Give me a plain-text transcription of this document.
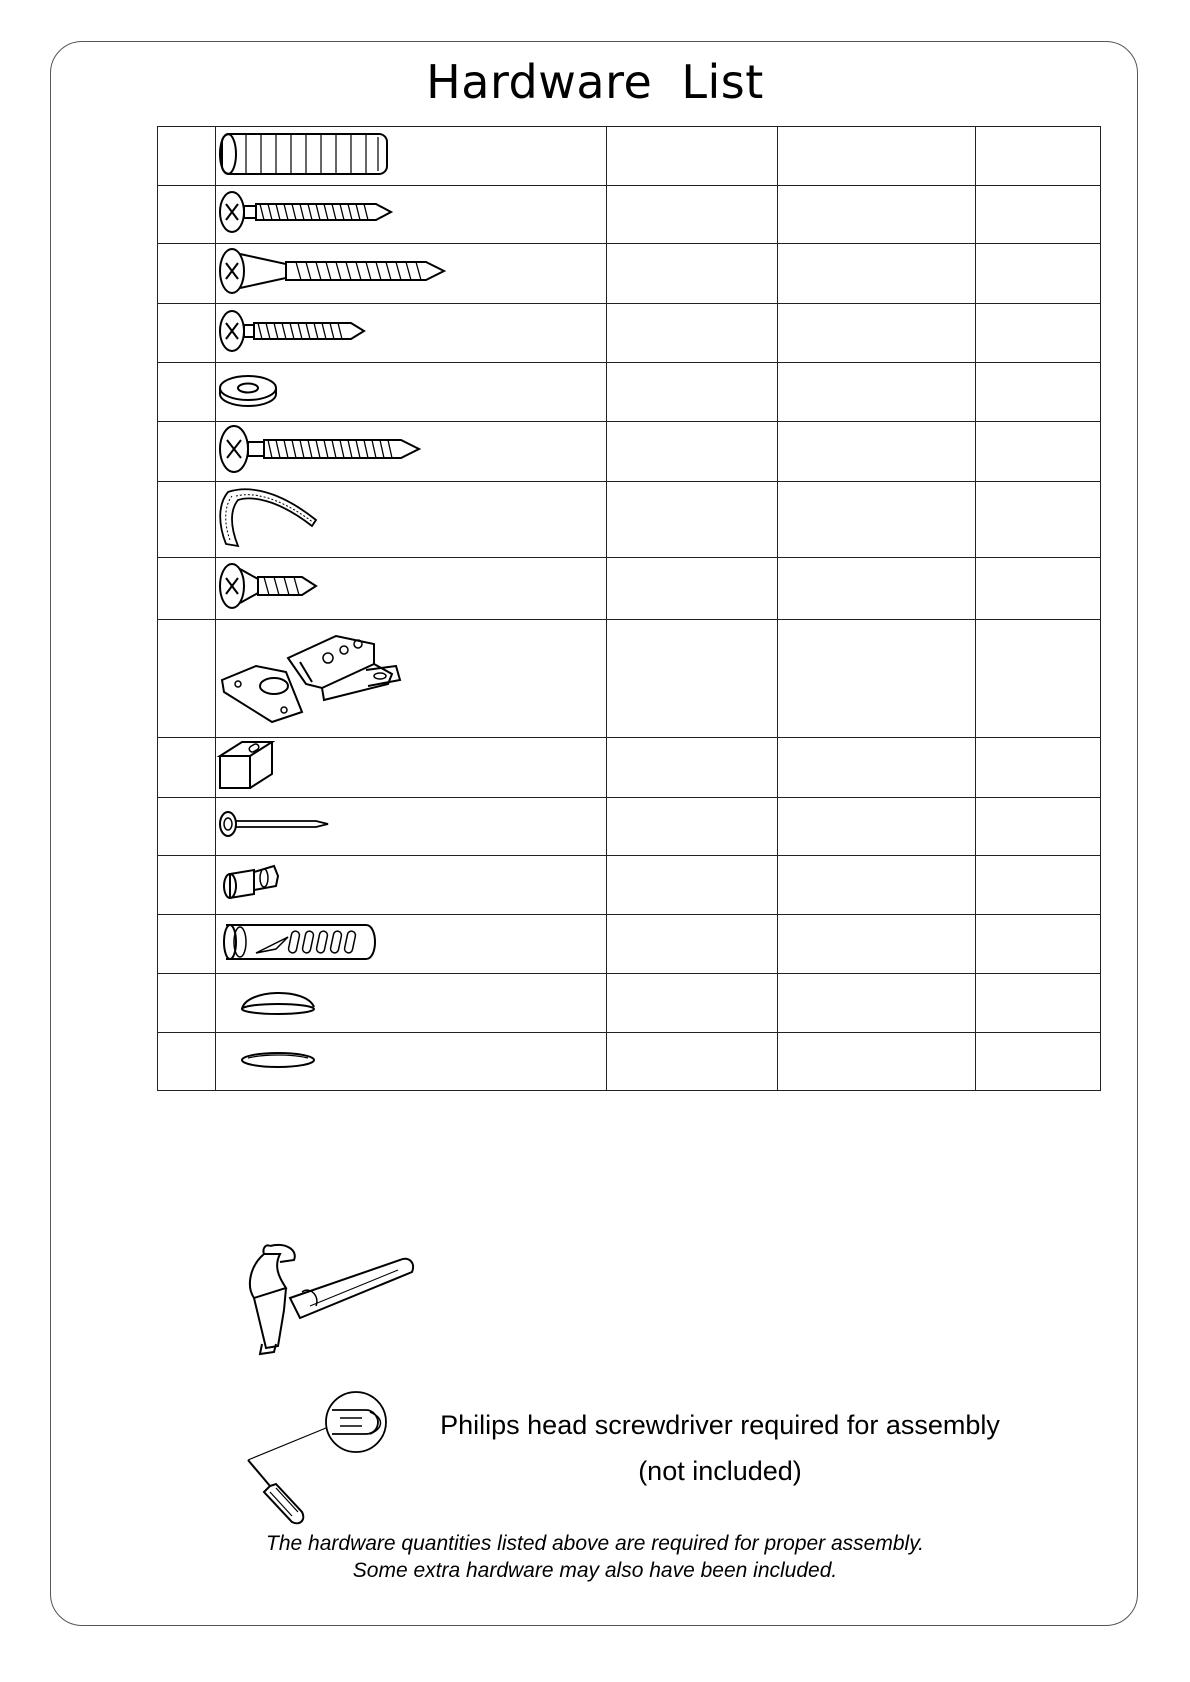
Hardware List

Philips head screwdriver required for assembly
(not included)
The hardware quantities listed above are required for proper assembly.
Some extra hardware may also have been included.
